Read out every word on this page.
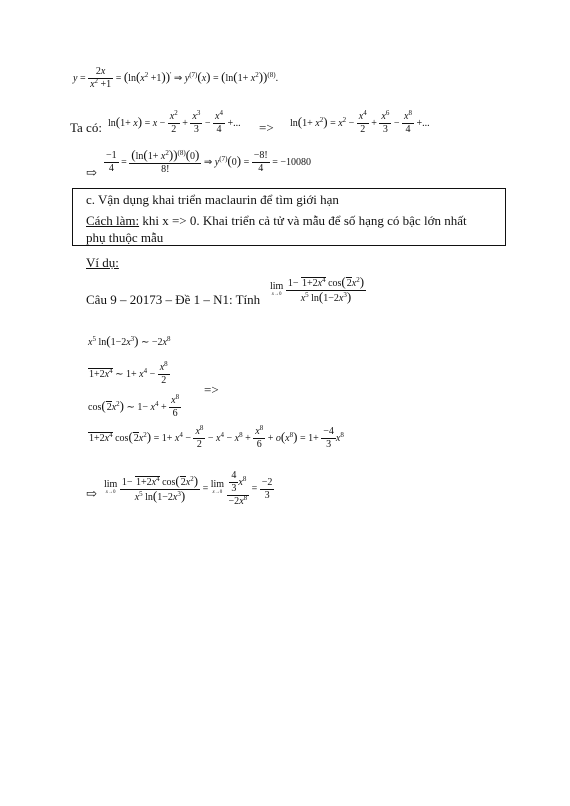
$y = \frac{2x}{x^2 +1} = (\ln(x^2 +1))'$ ⇒ $y^{(7)}(x) = (\ln(1+ x^2))^{(8)}$.
Ta có: $\ln(1+ x) = x - \frac{x^2}{2} + \frac{x^3}{3} - \frac{x^4}{4}$ +... => $\ln(1+ x^2) = x^2 - \frac{x^4}{2} + \frac{x^6}{3} - \frac{x^8}{4}$ +...
⇨ $\frac{-1}{4} = \frac{(\ln(1+ x^2))^{(8)}(0)}{8!}$ ⇒ $y^{(7)}(0) = \frac{-8!}{4} = -10080$
c. Vận dụng khai triển maclaurin để tìm giới hạn
Cách làm: khi x => 0. Khai triển cả tử và mẫu để số hạng có bậc lớn nhất
phụ thuộc mẫu
Ví dụ:
Câu 9 – 20173 – Đề 1 – N1: Tính
lim
x→0
$\frac{1- 1+2x^4 \cos(2x^2)}{x^5 \ln(1-2x^3)}$
$x^5$ $\ln(1-2x^3)$ ∼ $-2x^8$
$1+2x^4$ ∼ $1+ x^4 - \frac{x^8}{2}$
=>
$\cos(2x^2)$ ∼ $1- x^4 + \frac{x^8}{6}$
$1+2x^4$ $\cos(2x^2) = 1+ x^4 - \frac{x^8}{2} - x^4 - x^8 + \frac{x^8}{6} + o(x^8) = 1+ \frac{-4}{3} x^8$
⇨
lim
x→0
$\frac{1- 1+2x^4 \cos(2x^2)}{x^5 \ln(1-2x^3)} = \lim$
x→0
$\frac{\frac{4}{3} x^8}{-2x^8} = \frac{-2}{3}$
